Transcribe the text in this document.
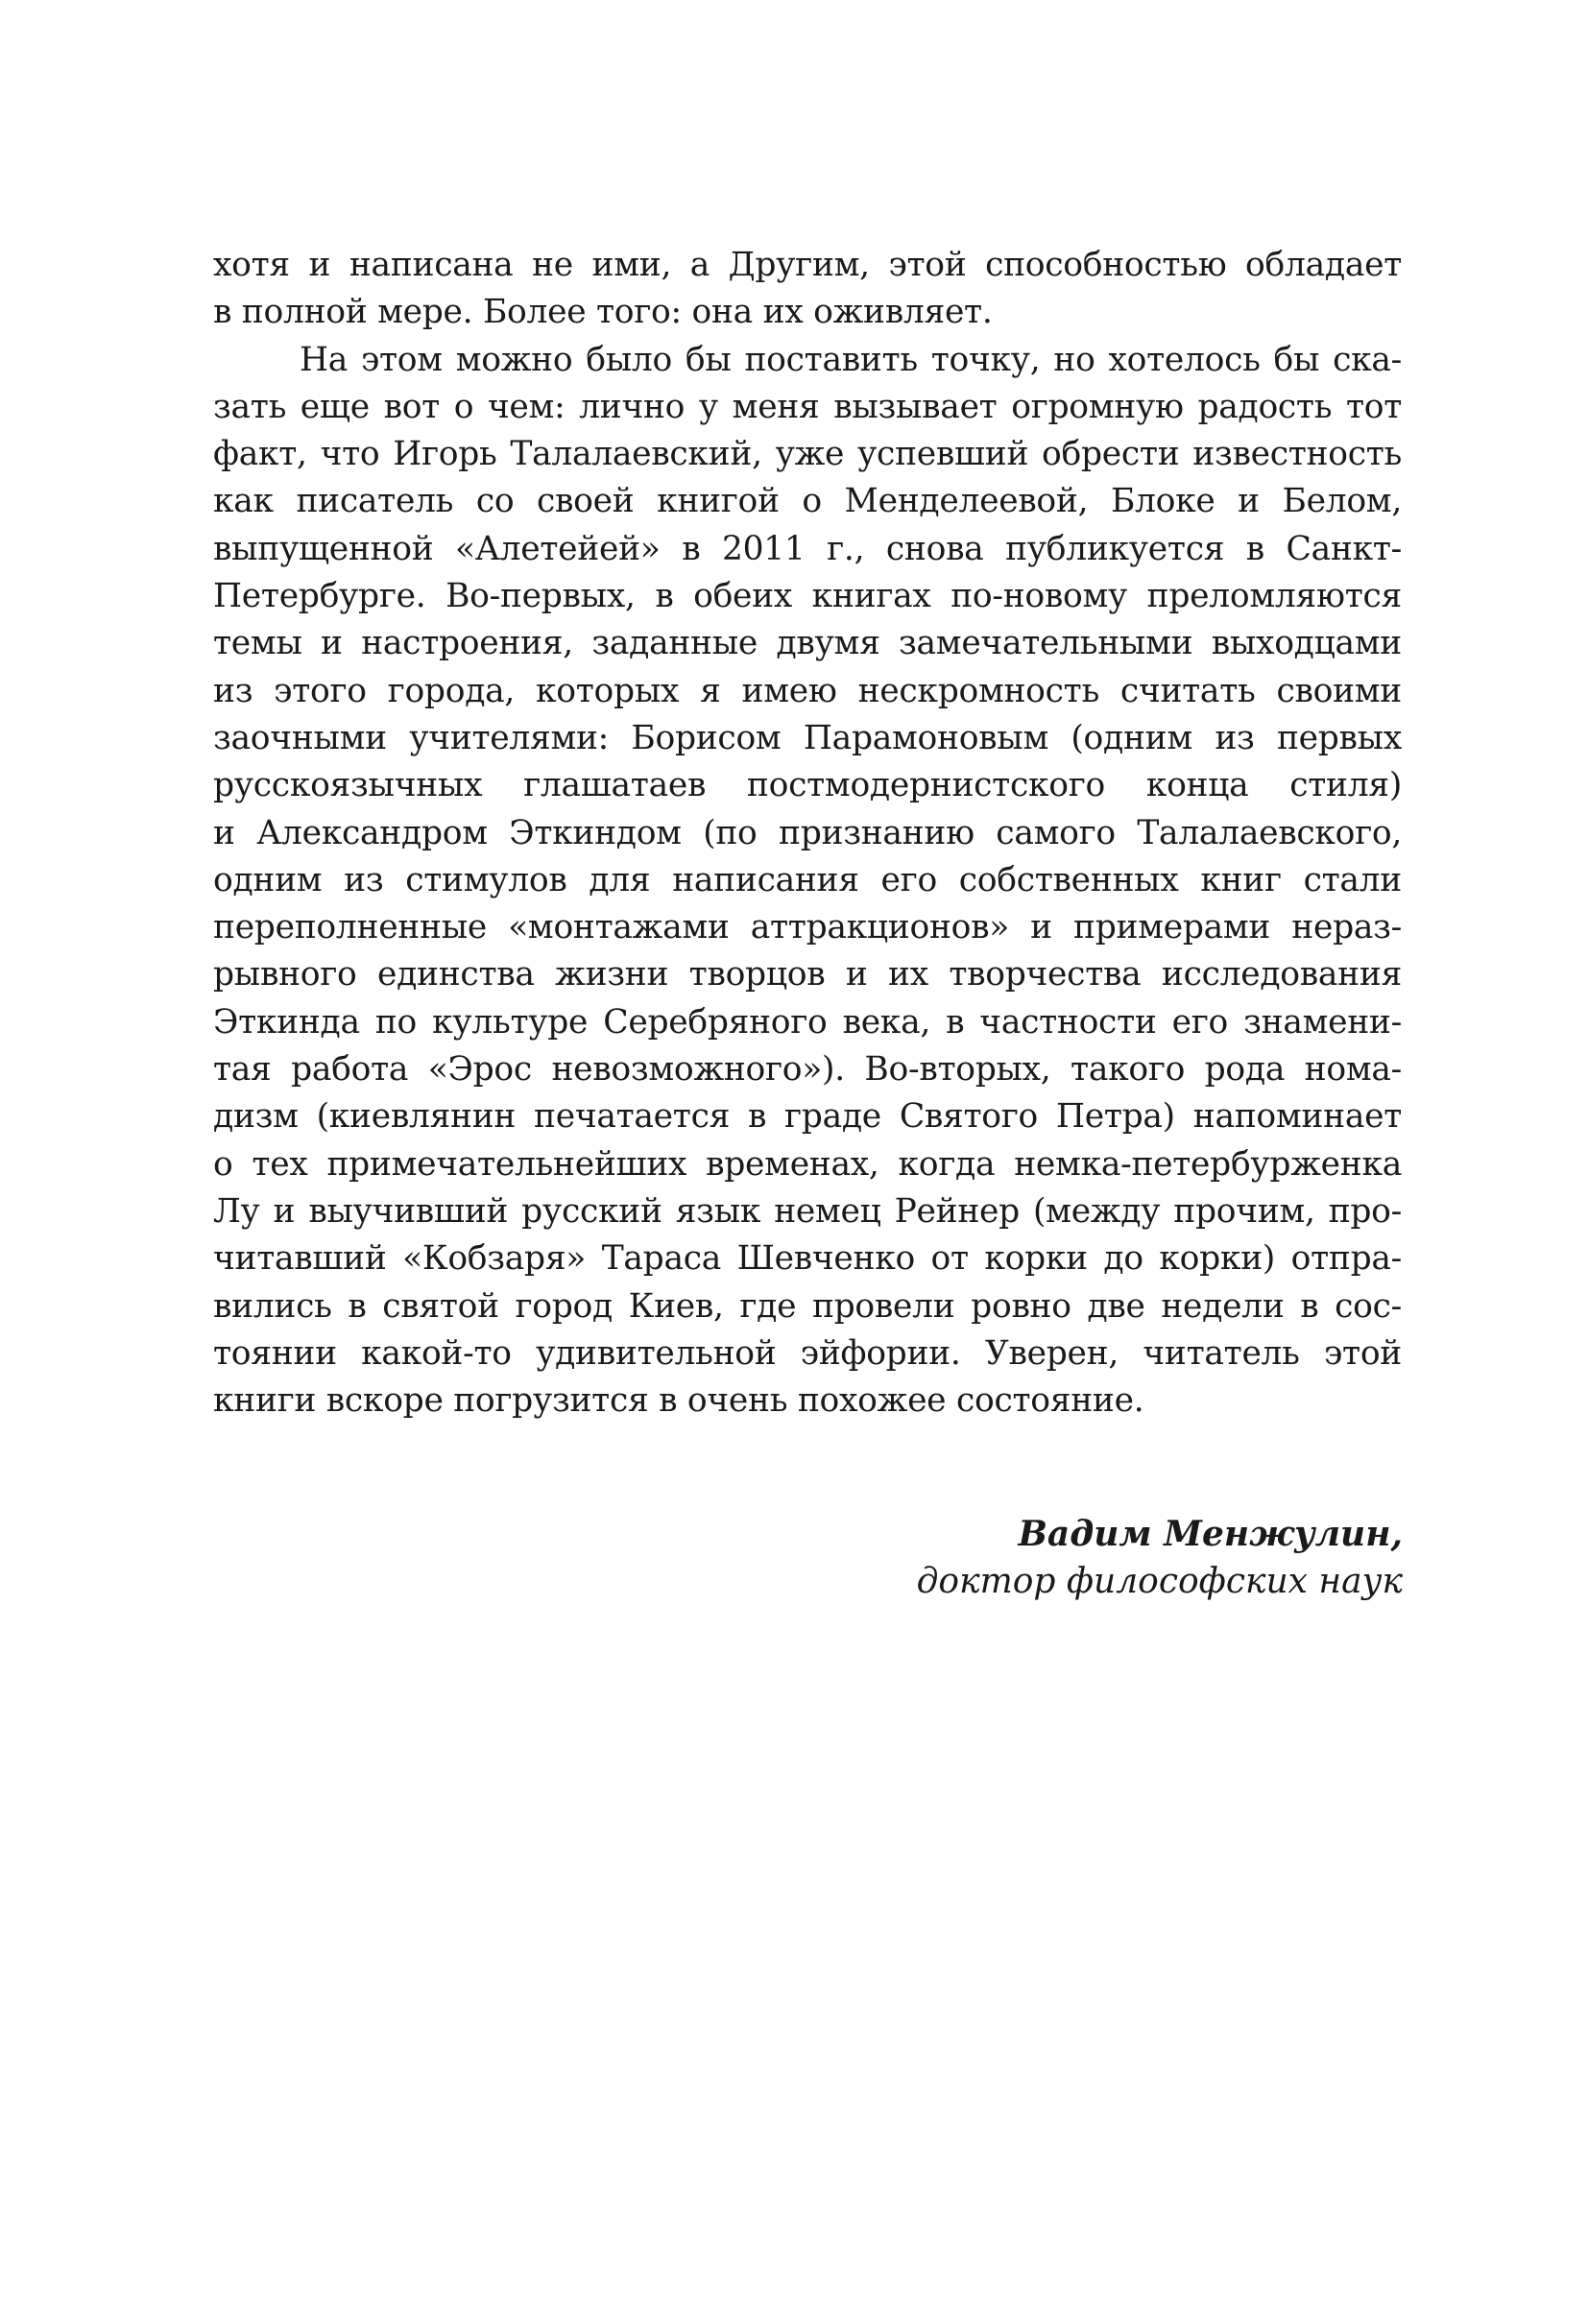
хотя и написана не ими, а Другим, этой способностью обладает
в полной мере. Более того: она их оживляет.
На этом можно было бы поставить точку, но хотелось бы ска-
зать еще вот о чем: лично у меня вызывает огромную радость тот
факт, что Игорь Талалаевский, уже успевший обрести известность
как писатель со своей книгой о Менделеевой, Блоке и Белом,
выпущенной «Алетейей» в 2011 г., снова публикуется в Санкт-
Петербурге. Во-первых, в обеих книгах по-новому преломляются
темы и настроения, заданные двумя замечательными выходцами
из этого города, которых я имею нескромность считать своими
заочными учителями: Борисом Парамоновым (одним из первых
русскоязычных глашатаев постмодернистского конца стиля)
и Александром Эткиндом (по признанию самого Талалаевского,
одним из стимулов для написания его собственных книг стали
переполненные «монтажами аттракционов» и примерами нераз-
рывного единства жизни творцов и их творчества исследования
Эткинда по культуре Серебряного века, в частности его знамени-
тая работа «Эрос невозможного»). Во-вторых, такого рода нома-
дизм (киевлянин печатается в граде Святого Петра) напоминает
о тех примечательнейших временах, когда немка-петербурженка
Лу и выучивший русский язык немец Рейнер (между прочим, про-
читавший «Кобзаря» Тараса Шевченко от корки до корки) отпра-
вились в святой город Киев, где провели ровно две недели в сос-
тоянии какой-то удивительной эйфории. Уверен, читатель этой
книги вскоре погрузится в очень похожее состояние.
Вадим Менжулин,
доктор философских наук
